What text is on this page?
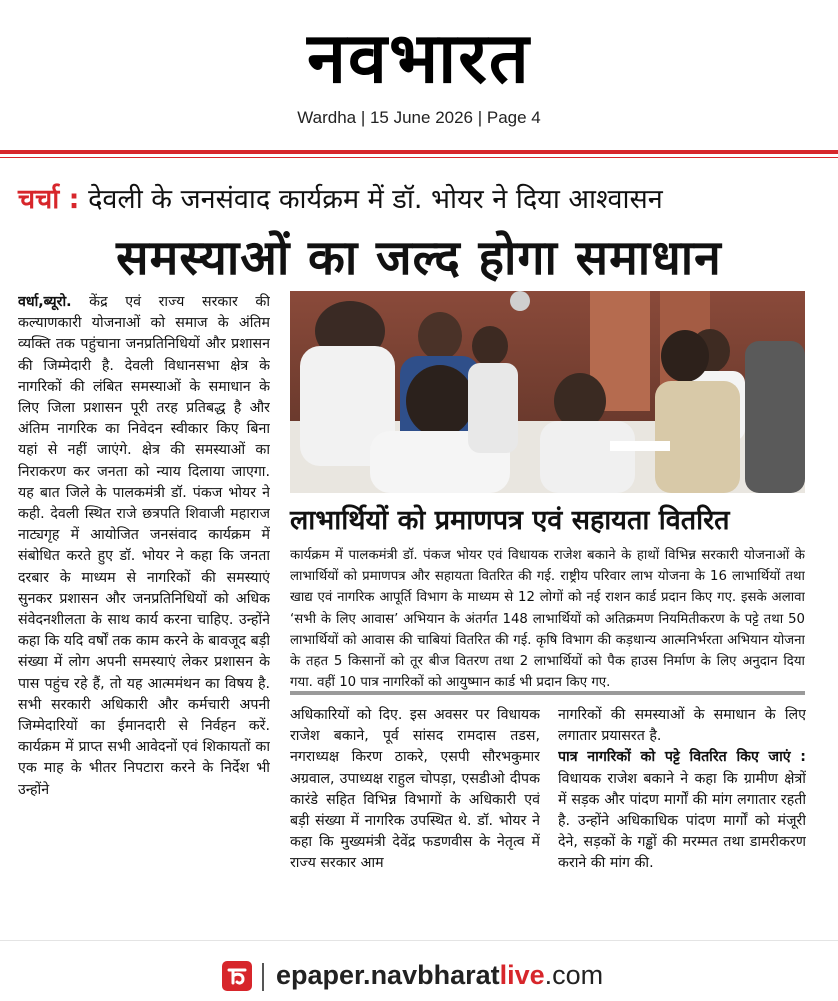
नवभारत
Wardha | 15 June 2026 | Page 4
चर्चा : देवली के जनसंवाद कार्यक्रम में डॉ. भोयर ने दिया आश्वासन
समस्याओं का जल्द होगा समाधान
वर्धा,ब्यूरो. केंद्र एवं राज्य सरकार की कल्याणकारी योजनाओं को समाज के अंतिम व्यक्ति तक पहुंचाना जनप्रतिनिधियों और प्रशासन की जिम्मेदारी है. देवली विधानसभा क्षेत्र के नागरिकों की लंबित समस्याओं के समाधान के लिए जिला प्रशासन पूरी तरह प्रतिबद्ध है और अंतिम नागरिक का निवेदन स्वीकार किए बिना यहां से नहीं जाएंगे. क्षेत्र की समस्याओं का निराकरण कर जनता को न्याय दिलाया जाएगा. यह बात जिले के पालकमंत्री डॉ. पंकज भोयर ने कही. देवली स्थित राजे छत्रपति शिवाजी महाराज नाट्यगृह में आयोजित जनसंवाद कार्यक्रम में संबोधित करते हुए डॉ. भोयर ने कहा कि जनता दरबार के माध्यम से नागरिकों की समस्याएं सुनकर प्रशासन और जनप्रतिनिधियों को अधिक संवेदनशीलता के साथ कार्य करना चाहिए. उन्होंने कहा कि यदि वर्षों तक काम करने के बावजूद बड़ी संख्या में लोग अपनी समस्याएं लेकर प्रशासन के पास पहुंच रहे हैं, तो यह आत्ममंथन का विषय है. सभी सरकारी अधिकारी और कर्मचारी अपनी जिम्मेदारियों का ईमानदारी से निर्वहन करें. कार्यक्रम में प्राप्त सभी आवेदनों एवं शिकायतों का एक माह के भीतर निपटारा करने के निर्देश भी उन्होंने
लाभार्थियों को प्रमाणपत्र एवं सहायता वितरित
कार्यक्रम में पालकमंत्री डॉ. पंकज भोयर एवं विधायक राजेश बकाने के हाथों विभिन्न सरकारी योजनाओं के लाभार्थियों को प्रमाणपत्र और सहायता वितरित की गई. राष्ट्रीय परिवार लाभ योजना के 16 लाभार्थियों तथा खाद्य एवं नागरिक आपूर्ति विभाग के माध्यम से 12 लोगों को नई राशन कार्ड प्रदान किए गए. इसके अलावा ‘सभी के लिए आवास’ अभियान के अंतर्गत 148 लाभार्थियों को अतिक्रमण नियमितीकरण के पट्टे तथा 50 लाभार्थियों को आवास की चाबियां वितरित की गई. कृषि विभाग की कड़धान्य आत्मनिर्भरता अभियान योजना के तहत 5 किसानों को तूर बीज वितरण तथा 2 लाभार्थियों को पैक हाउस निर्माण के लिए अनुदान दिया गया. वहीं 10 पात्र नागरिकों को आयुष्मान कार्ड भी प्रदान किए गए.
अधिकारियों को दिए. इस अवसर पर विधायक राजेश बकाने, पूर्व सांसद रामदास तडस, नगराध्यक्ष किरण ठाकरे, एसपी सौरभकुमार अग्रवाल, उपाध्यक्ष राहुल चोपड़ा, एसडीओ दीपक कारंडे सहित विभिन्न विभागों के अधिकारी एवं बड़ी संख्या में नागरिक उपस्थित थे. डॉ. भोयर ने कहा कि मुख्यमंत्री देवेंद्र फडणवीस के नेतृत्व में राज्य सरकार आम
नागरिकों की समस्याओं के समाधान के लिए लगातार प्रयासरत है.
पात्र नागरिकों को पट्टे वितरित किए जाएं : विधायक राजेश बकाने ने कहा कि ग्रामीण क्षेत्रों में सड़क और पांदण मार्गों की मांग लगातार रहती है. उन्होंने अधिकाधिक पांदण मार्गों को मंजूरी देने, सड़कों के गड्ढों की मरम्मत तथा डामरीकरण कराने की मांग की.
epaper.navbharatlive.com
